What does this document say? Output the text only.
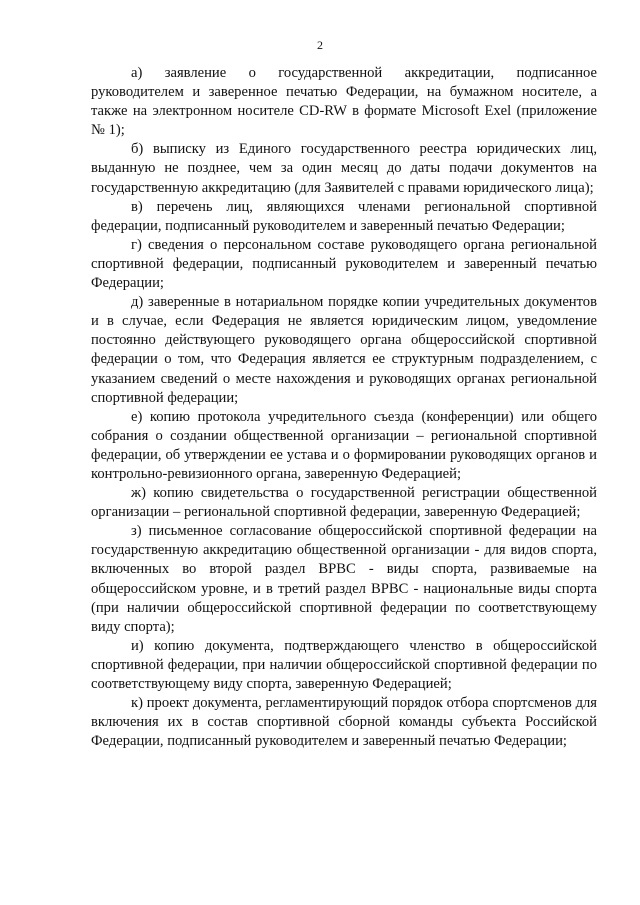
2

а) заявление о государственной аккредитации, подписанное руководителем и заверенное печатью Федерации, на бумажном носителе, а также на электронном носителе CD-RW в формате Microsoft Exel (приложение № 1);

б) выписку из Единого государственного реестра юридических лиц, выданную не позднее, чем за один месяц до даты подачи документов на государственную аккредитацию (для Заявителей с правами юридического лица);

в) перечень лиц, являющихся членами региональной спортивной федерации, подписанный руководителем и заверенный печатью Федерации;

г) сведения о персональном составе руководящего органа региональной спортивной федерации, подписанный руководителем и заверенный печатью Федерации;

д) заверенные в нотариальном порядке копии учредительных документов и в случае, если Федерация не является юридическим лицом, уведомление постоянно действующего руководящего органа общероссийской спортивной федерации о том, что Федерация является ее структурным подразделением, с указанием сведений о месте нахождения и руководящих органах региональной спортивной федерации;

е) копию протокола учредительного съезда (конференции) или общего собрания о создании общественной организации – региональной спортивной федерации, об утверждении ее устава и о формировании руководящих органов и контрольно-ревизионного органа, заверенную Федерацией;

ж) копию свидетельства о государственной регистрации общественной организации – региональной спортивной федерации, заверенную Федерацией;

з) письменное согласование общероссийской спортивной федерации на государственную аккредитацию общественной организации - для видов спорта, включенных во второй раздел ВРВС - виды спорта, развиваемые на общероссийском уровне, и в третий раздел ВРВС - национальные виды спорта (при наличии общероссийской спортивной федерации по соответствующему виду спорта);

и) копию документа, подтверждающего членство в общероссийской спортивной федерации, при наличии общероссийской спортивной федерации по соответствующему виду спорта, заверенную Федерацией;

к) проект документа, регламентирующий порядок отбора спортсменов для включения их в состав спортивной сборной команды субъекта Российской Федерации, подписанный руководителем и заверенный печатью Федерации;
